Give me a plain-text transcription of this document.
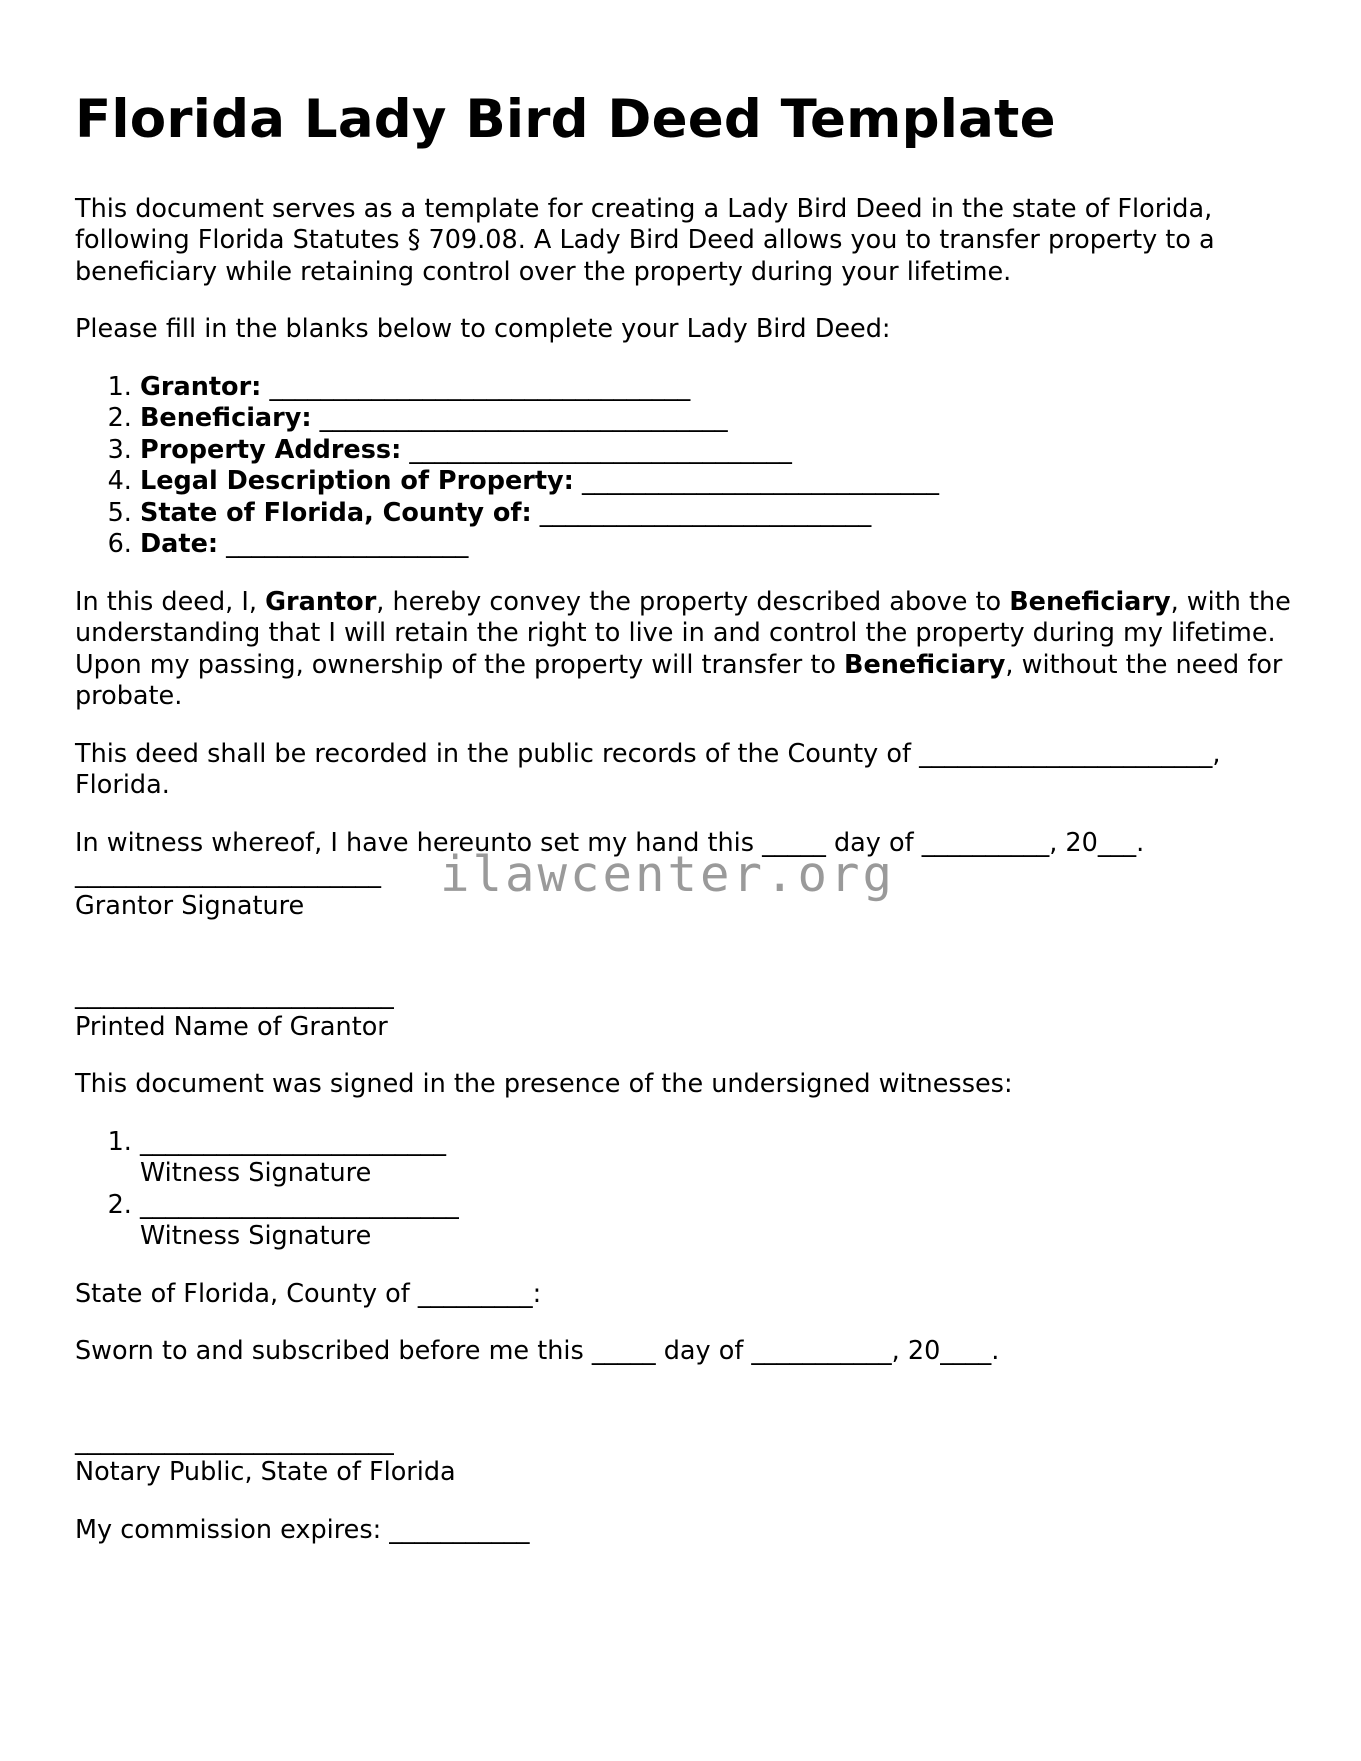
Florida Lady Bird Deed Template

This document serves as a template for creating a Lady Bird Deed in the state of Florida, following Florida Statutes § 709.08. A Lady Bird Deed allows you to transfer property to a beneficiary while retaining control over the property during your lifetime.

Please fill in the blanks below to complete your Lady Bird Deed:

1. Grantor: _________________________________
2. Beneficiary: ________________________________
3. Property Address: ______________________________
4. Legal Description of Property: ____________________________
5. State of Florida, County of: __________________________
6. Date: ___________________

In this deed, I, Grantor, hereby convey the property described above to Beneficiary, with the understanding that I will retain the right to live in and control the property during my lifetime. Upon my passing, ownership of the property will transfer to Beneficiary, without the need for probate.

This deed shall be recorded in the public records of the County of _______________________, Florida.

In witness whereof, I have hereunto set my hand this _____ day of __________, 20___.
________________________
Grantor Signature
_________________________
Printed Name of Grantor

This document was signed in the presence of the undersigned witnesses:

1. ________________________
Witness Signature
2. _________________________
Witness Signature

State of Florida, County of _________:

Sworn to and subscribed before me this _____ day of ___________, 20____.

_________________________
Notary Public, State of Florida

My commission expires: ___________

ilawcenter.org
